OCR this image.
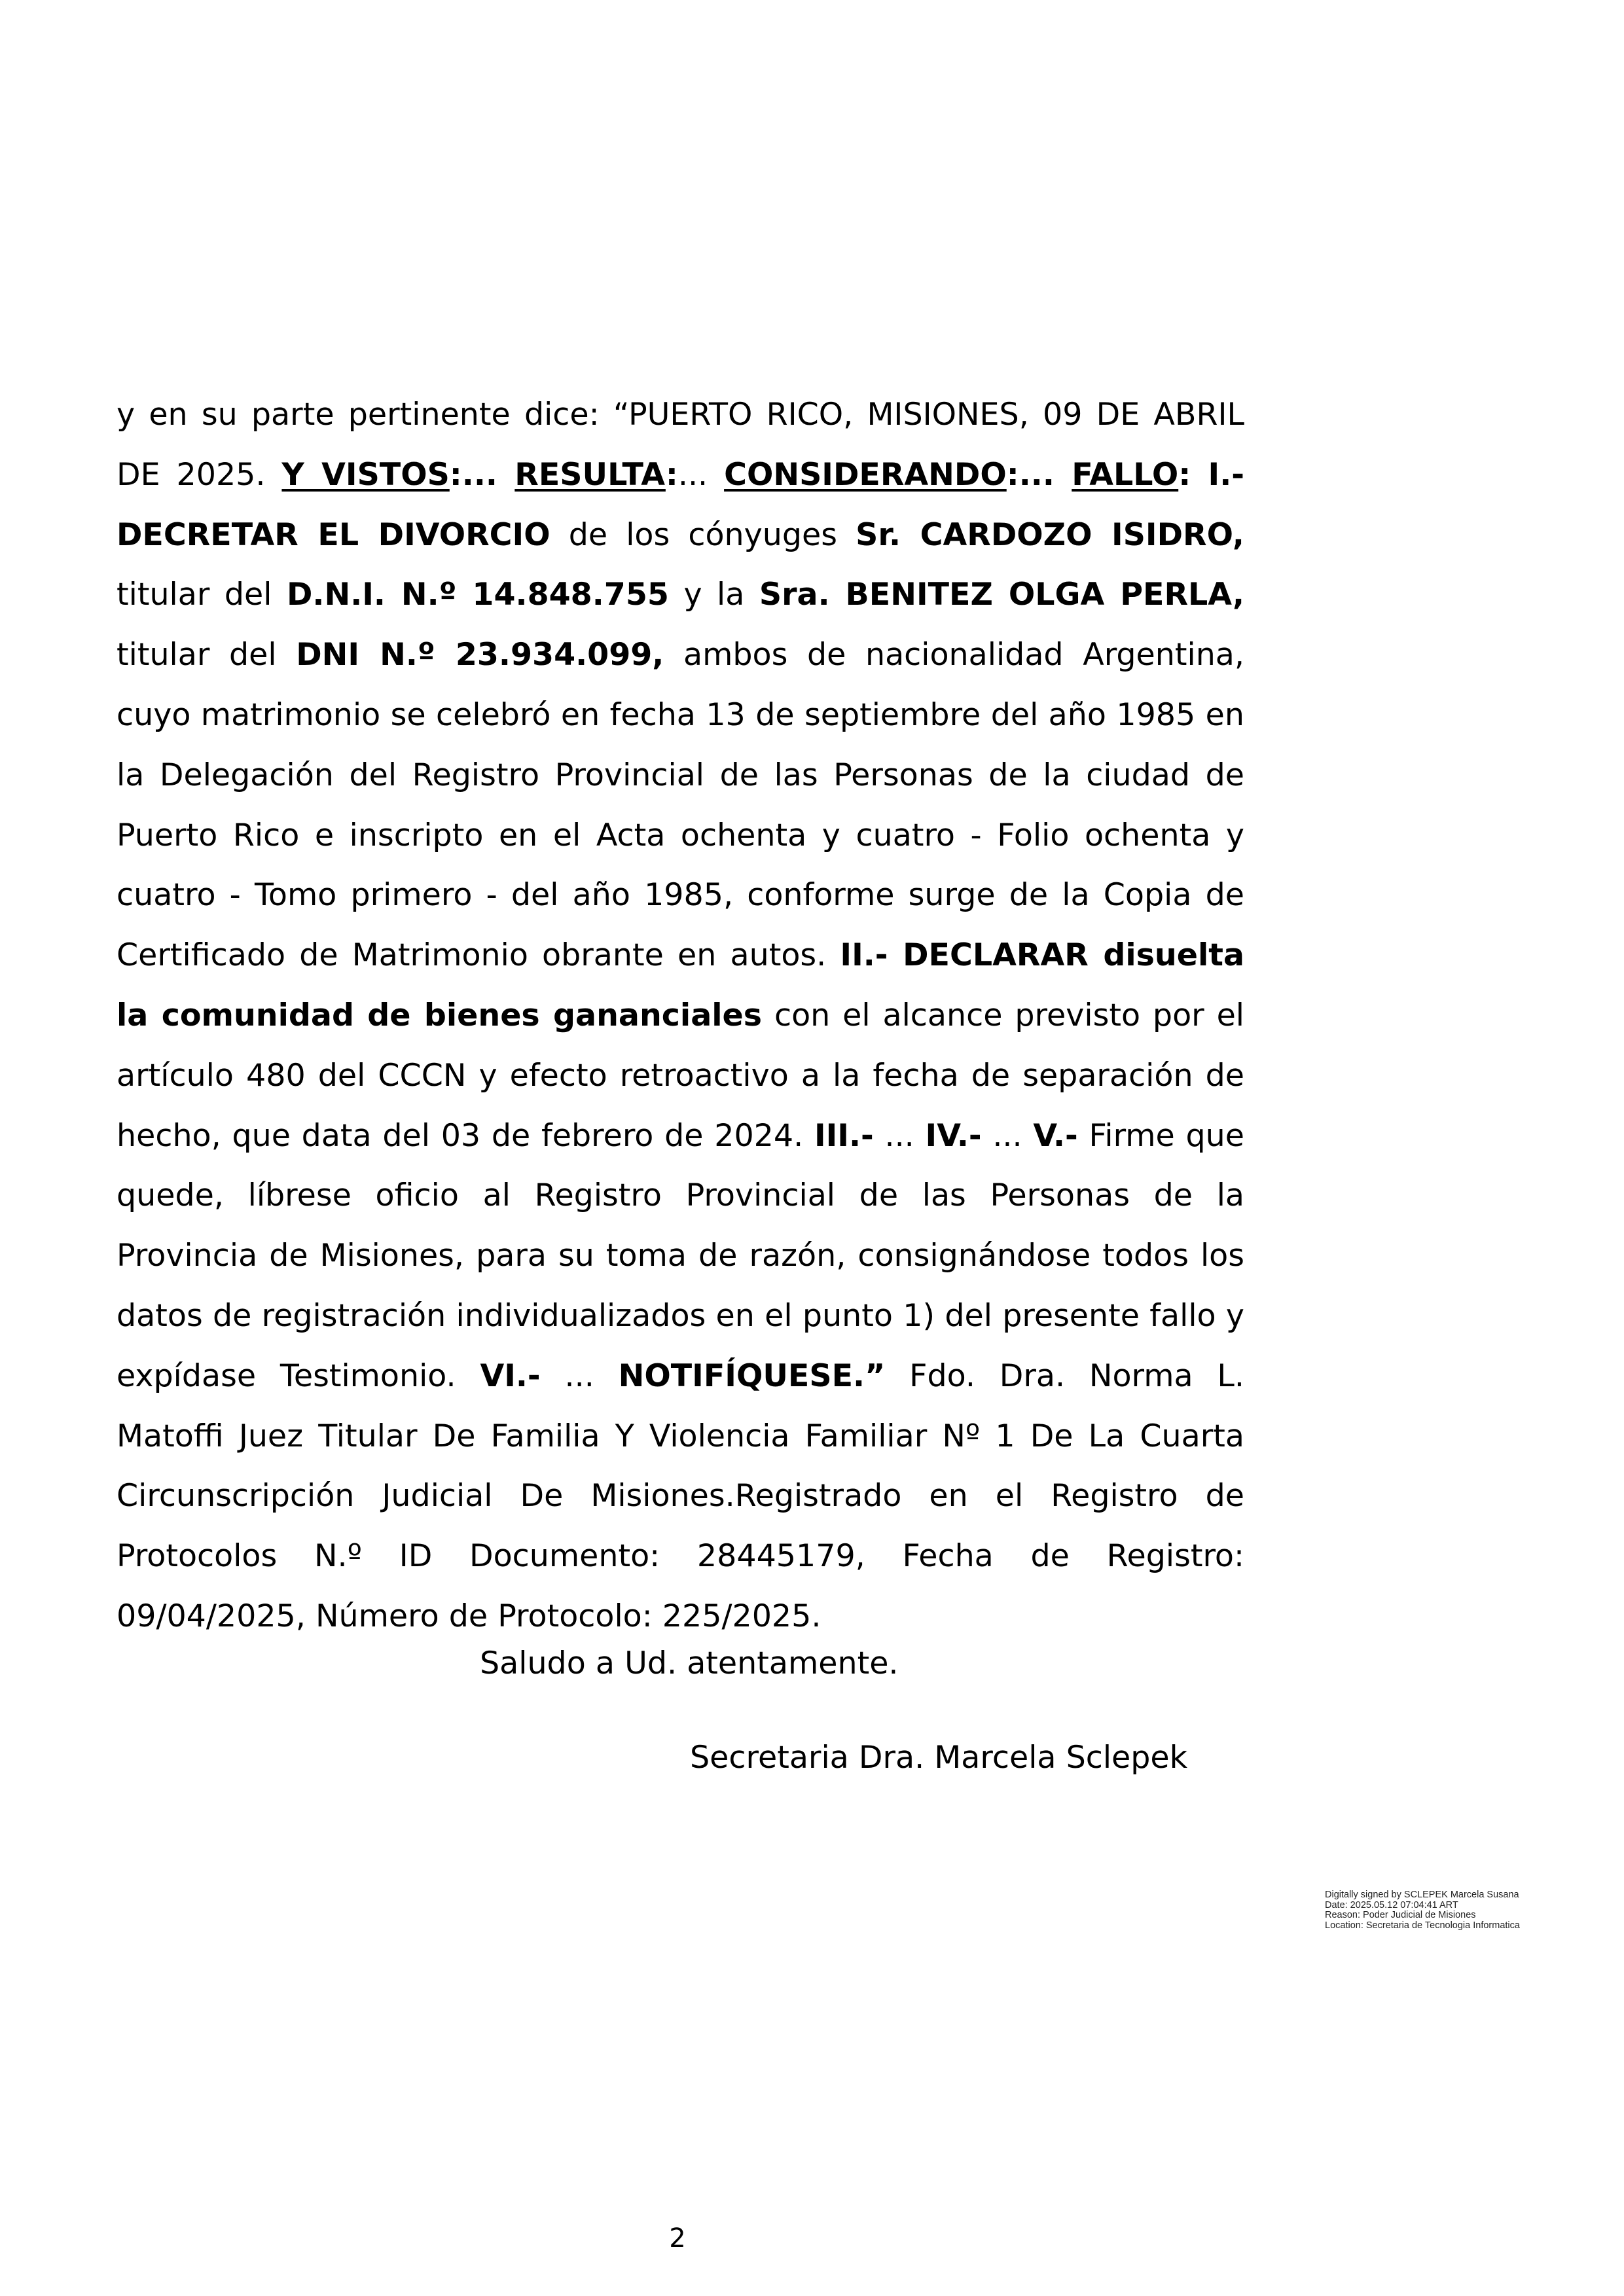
y en su parte pertinente dice: “PUERTO RICO, MISIONES, 09 DE ABRIL DE 2025. Y VISTOS:... RESULTA:... CONSIDERANDO:... FALLO: I.- DECRETAR EL DIVORCIO de los cónyuges Sr. CARDOZO ISIDRO, titular del D.N.I. N.º 14.848.755 y la Sra. BENITEZ OLGA PERLA, titular del DNI N.º 23.934.099, ambos de nacionalidad Argentina, cuyo matrimonio se celebró en fecha 13 de septiembre del año 1985 en la Delegación del Registro Provincial de las Personas de la ciudad de Puerto Rico e inscripto en el Acta ochenta y cuatro - Folio ochenta y cuatro - Tomo primero - del año 1985, conforme surge de la Copia de Certificado de Matrimonio obrante en autos. II.- DECLARAR disuelta la comunidad de bienes gananciales con el alcance previsto por el artículo 480 del CCCN y efecto retroactivo a la fecha de separación de hecho, que data del 03 de febrero de 2024. III.- ... IV.- ... V.- Firme que quede, líbrese oficio al Registro Provincial de las Personas de la Provincia de Misiones, para su toma de razón, consignándose todos los datos de registración individualizados en el punto 1) del presente fallo y expídase Testimonio. VI.- ... NOTIFÍQUESE.” Fdo. Dra. Norma L. Matoffi Juez Titular De Familia Y Violencia Familiar Nº 1 De La Cuarta Circunscripción Judicial De Misiones.Registrado en el Registro de Protocolos N.º ID Documento: 28445179, Fecha de Registro: 09/04/2025, Número de Protocolo: 225/2025.

Saludo a Ud. atentamente.
Secretaria Dra. Marcela Sclepek
Digitally signed by SCLEPEK Marcela Susana
Date: 2025.05.12 07:04:41 ART
Reason: Poder Judicial de Misiones
Location: Secretaria de Tecnologia Informatica
2
